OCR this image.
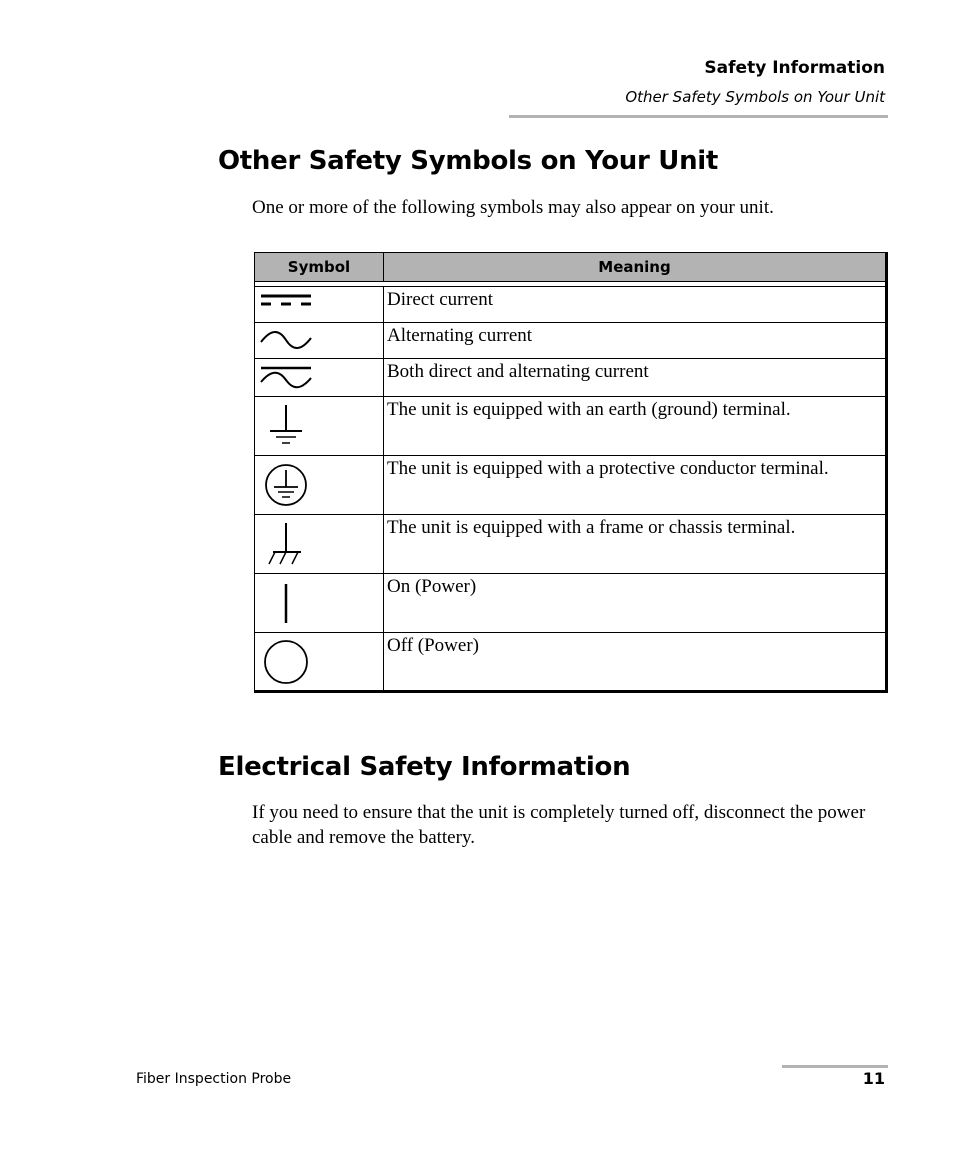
Safety Information
Other Safety Symbols on Your Unit
Other Safety Symbols on Your Unit

One or more of the following symbols may also appear on your unit.

Symbol	Meaning

	Direct current

	Alternating current

	Both direct and alternating current

	The unit is equipped with an earth (ground) terminal.

	The unit is equipped with a protective conductor terminal.

	The unit is equipped with a frame or chassis terminal.

	On (Power)

	Off (Power)
Electrical Safety Information

If you need to ensure that the unit is completely turned off, disconnect the power cable and remove the battery.

Fiber Inspection Probe	11
